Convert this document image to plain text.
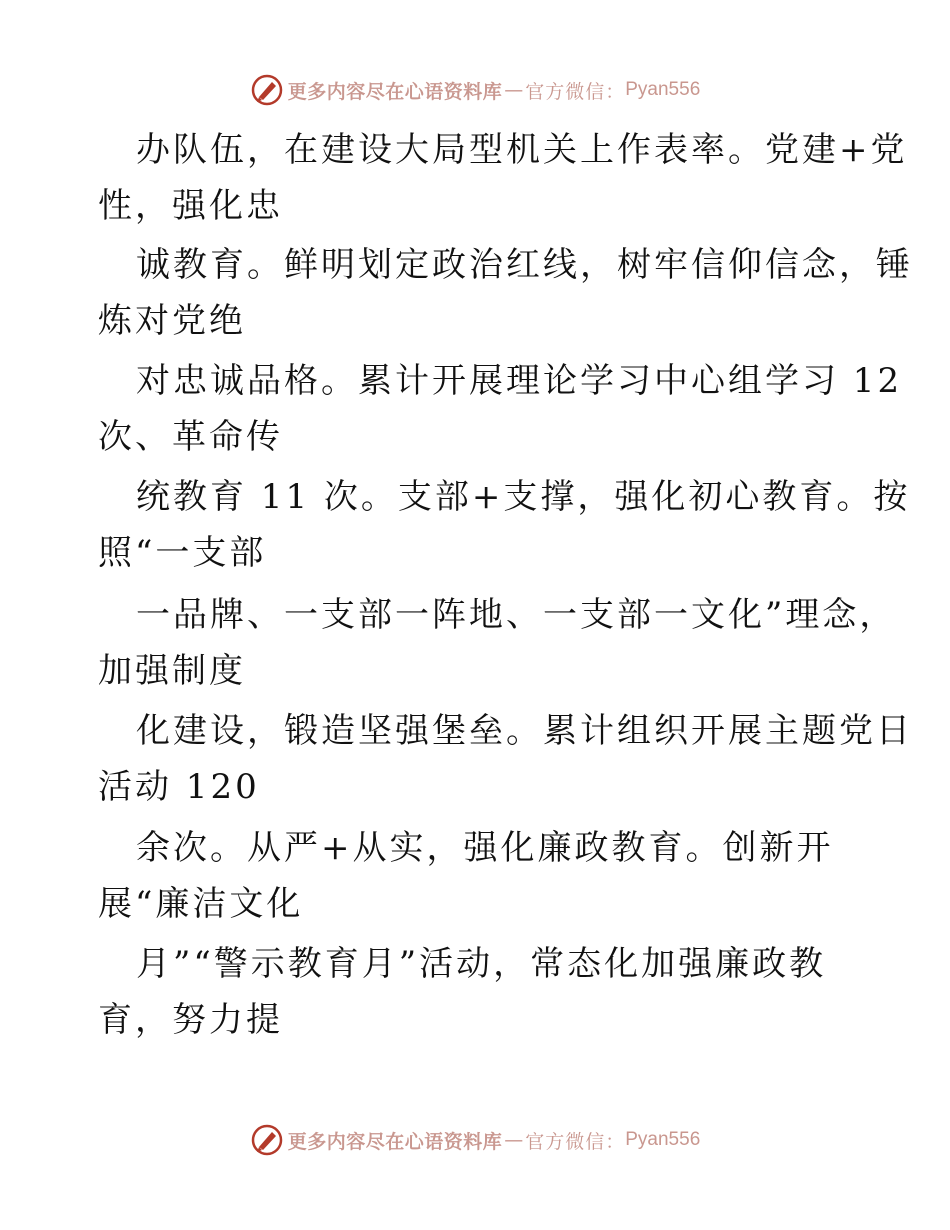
更多内容尽在心语资料库 — 官方微信： Pyan556
办队伍，在建设大局型机关上作表率。党建+党
性，强化忠
诚教育。鲜明划定政治红线，树牢信仰信念，锤
炼对党绝
对忠诚品格。累计开展理论学习中心组学习 12
次、革命传
统教育 11 次。支部+支撑，强化初心教育。按
照“一支部
一品牌、一支部一阵地、一支部一文化”理念，
加强制度
化建设，锻造坚强堡垒。累计组织开展主题党日
活动 120
余次。从严+从实，强化廉政教育。创新开
展“廉洁文化
月”“警示教育月”活动，常态化加强廉政教
育，努力提
更多内容尽在心语资料库 — 官方微信： Pyan556
